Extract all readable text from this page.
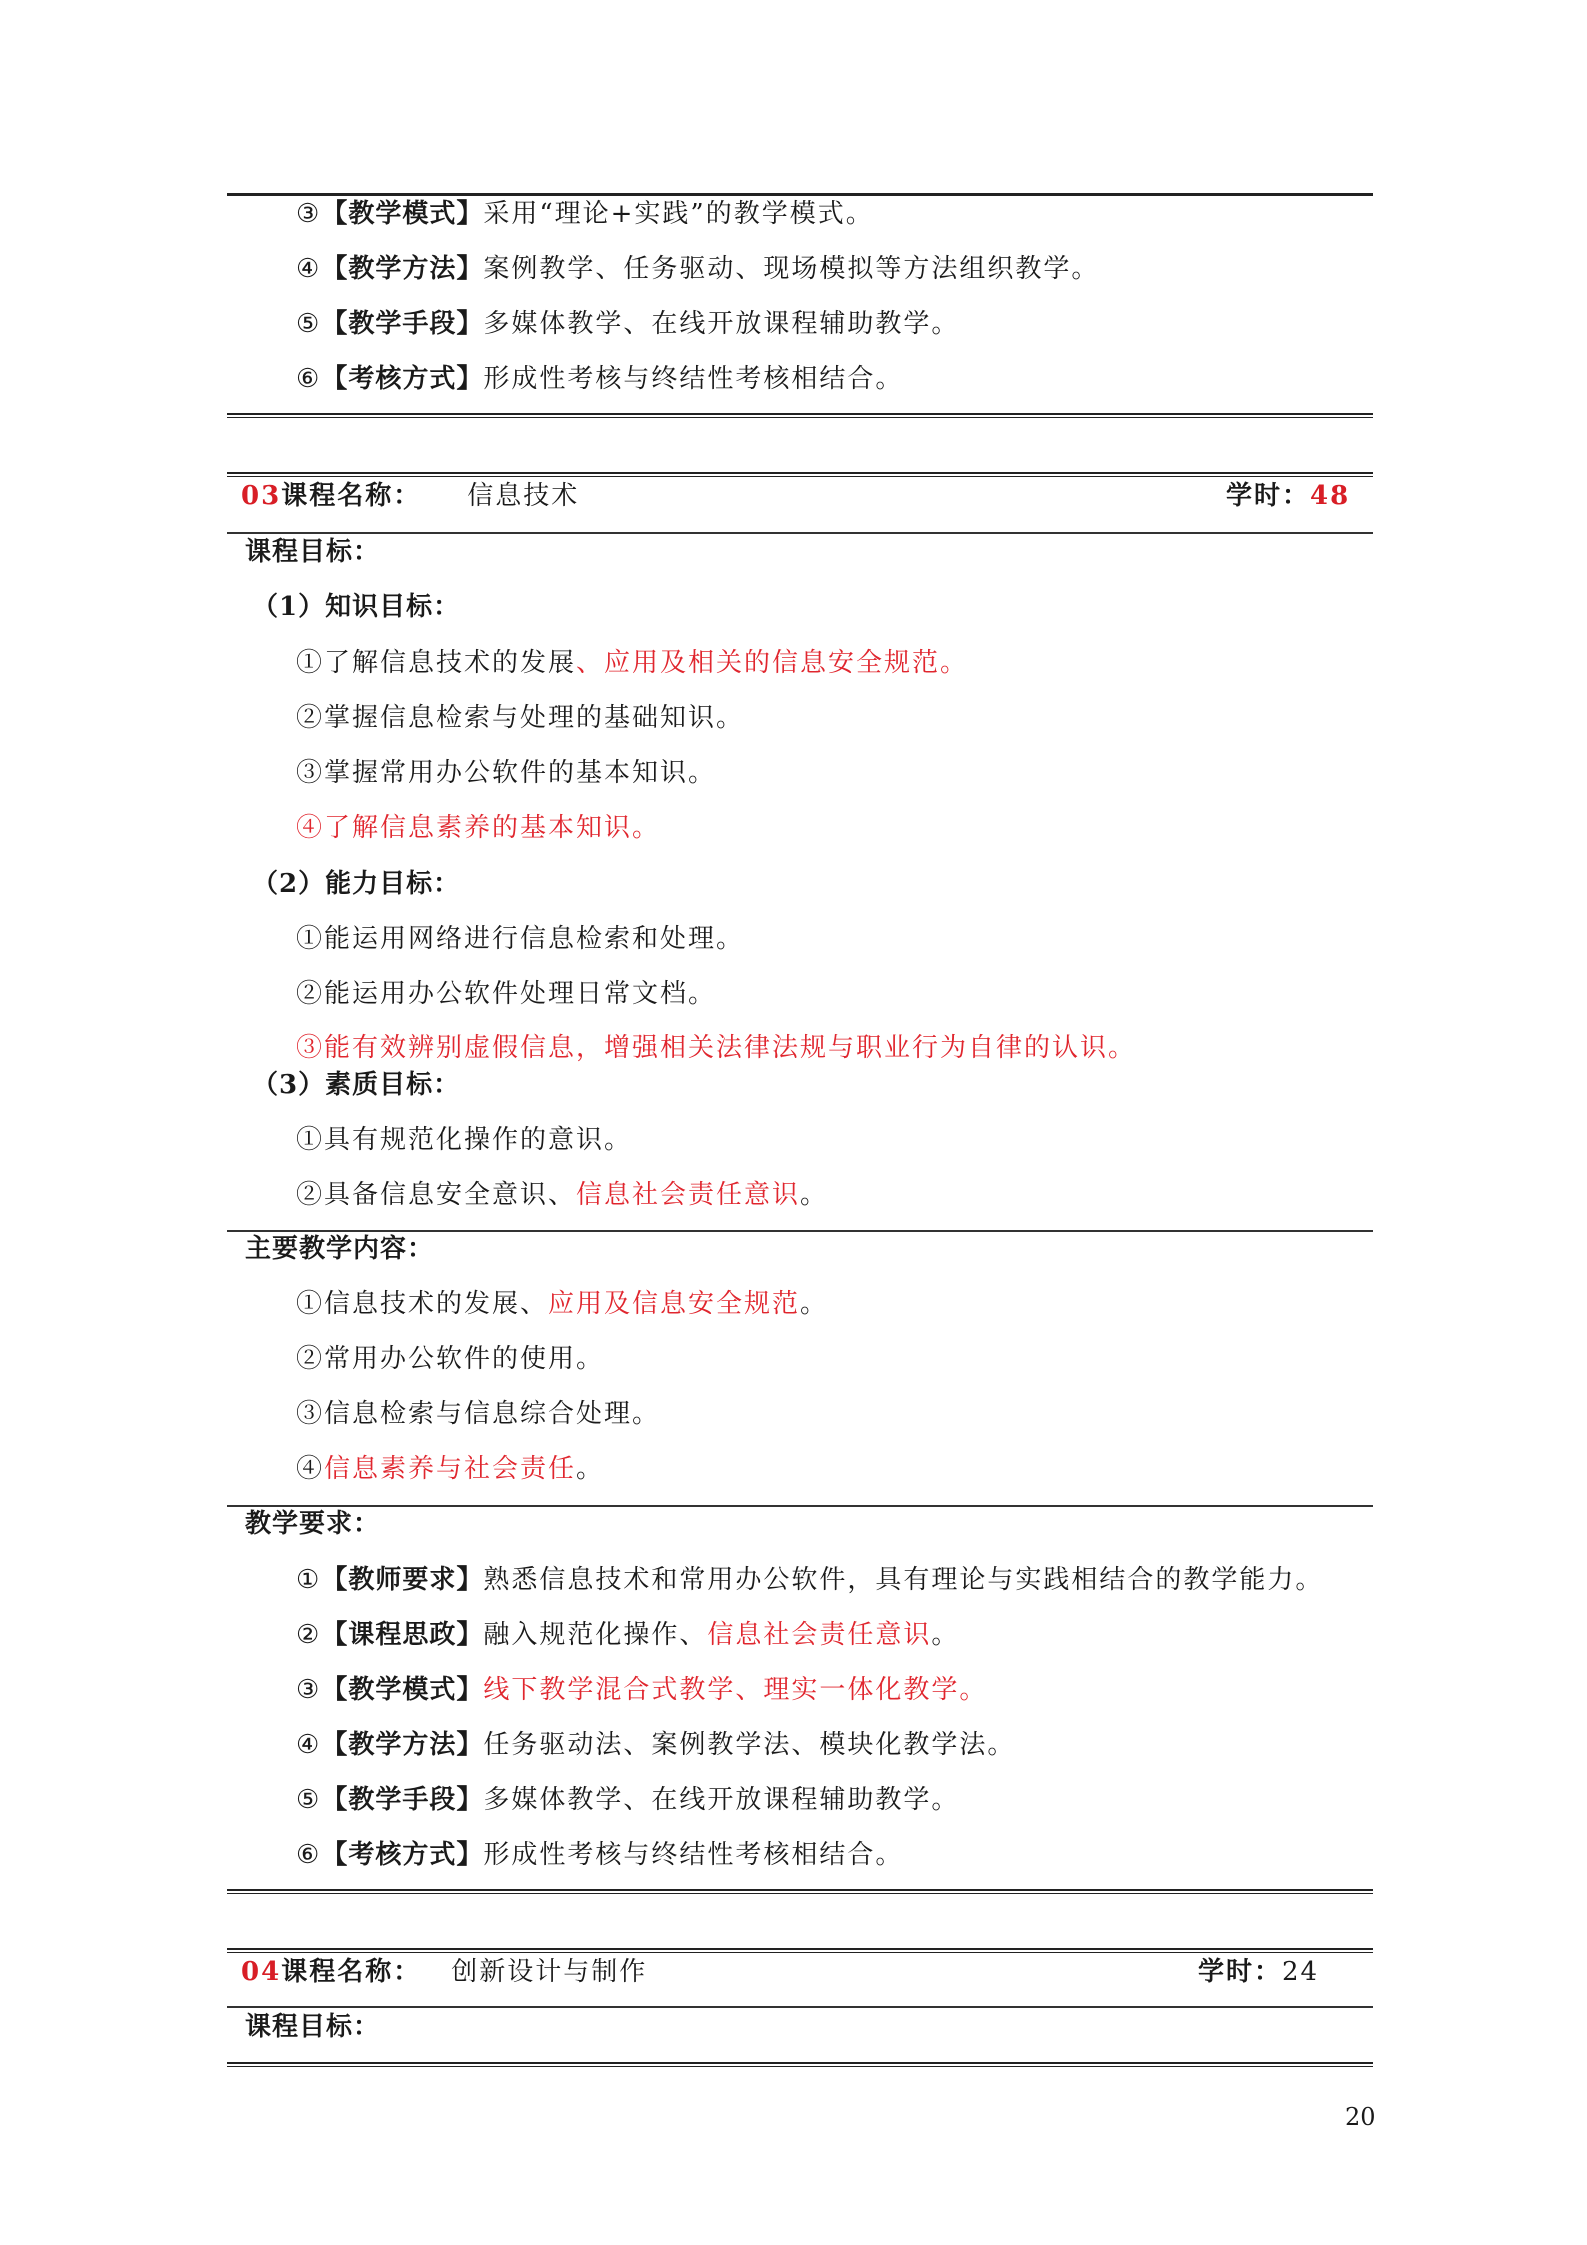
③【教学模式】采用“理论+实践”的教学模式。
④【教学方法】案例教学、任务驱动、现场模拟等方法组织教学。
⑤【教学手段】多媒体教学、在线开放课程辅助教学。
⑥【考核方式】形成性考核与终结性考核相结合。
03课程名称： 信息技术	学时：48
课程目标：
（1）知识目标：
①了解信息技术的发展、应用及相关的信息安全规范。
②掌握信息检索与处理的基础知识。
③掌握常用办公软件的基本知识。
④了解信息素养的基本知识。
（2）能力目标：
①能运用网络进行信息检索和处理。
②能运用办公软件处理日常文档。
③能有效辨别虚假信息，增强相关法律法规与职业行为自律的认识。
（3）素质目标：
①具有规范化操作的意识。
②具备信息安全意识、信息社会责任意识。
主要教学内容：
①信息技术的发展、应用及信息安全规范。
②常用办公软件的使用。
③信息检索与信息综合处理。
④信息素养与社会责任。
教学要求：
①【教师要求】熟悉信息技术和常用办公软件，具有理论与实践相结合的教学能力。
②【课程思政】融入规范化操作、信息社会责任意识。
③【教学模式】线下教学混合式教学、理实一体化教学。
④【教学方法】任务驱动法、案例教学法、模块化教学法。
⑤【教学手段】多媒体教学、在线开放课程辅助教学。
⑥【考核方式】形成性考核与终结性考核相结合。
04课程名称： 创新设计与制作	学时：24
课程目标：
20
